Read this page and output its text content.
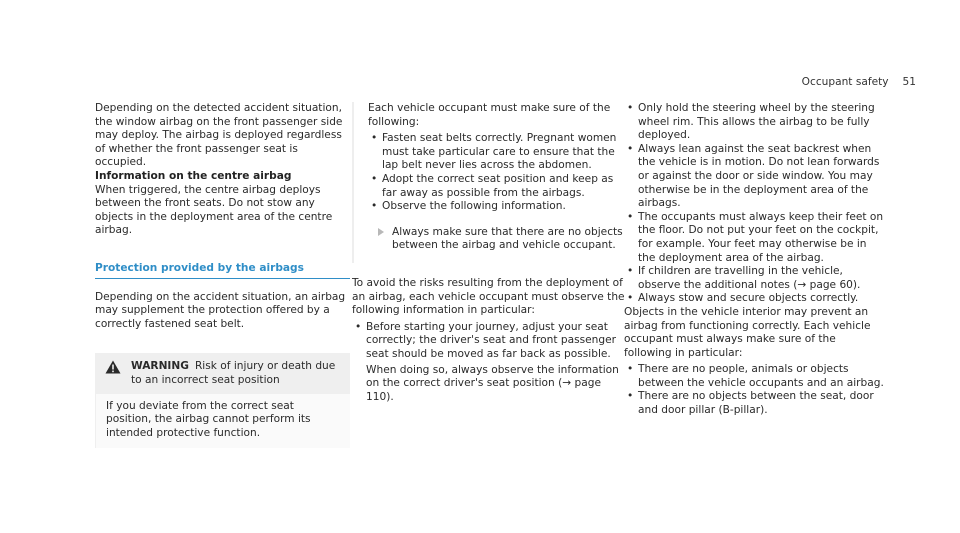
Occupant safety 51

Depending on the detected accident situation, the window airbag on the front passenger side may deploy. The airbag is deployed regardless of whether the front passenger seat is occupied.

Information on the centre airbag

When triggered, the centre airbag deploys between the front seats. Do not stow any objects in the deployment area of the centre airbag.

Protection provided by the airbags

Depending on the accident situation, an airbag may supplement the protection offered by a correctly fastened seat belt.

WARNING Risk of injury or death due to an incorrect seat position
If you deviate from the correct seat position, the airbag cannot perform its intended protective function.

Each vehicle occupant must make sure of the following:

• Fasten seat belts correctly. Pregnant women must take particular care to ensure that the lap belt never lies across the abdomen.
• Adopt the correct seat position and keep as far away as possible from the airbags.
• Observe the following information.
Always make sure that there are no objects between the airbag and vehicle occupant.

To avoid the risks resulting from the deployment of an airbag, each vehicle occupant must observe the following information in particular:

• Before starting your journey, adjust your seat correctly; the driver's seat and front passenger seat should be moved as far back as possible.

When doing so, always observe the information on the correct driver's seat position (→ page 110).

• Only hold the steering wheel by the steering wheel rim. This allows the airbag to be fully deployed.
• Always lean against the seat backrest when the vehicle is in motion. Do not lean forwards or against the door or side window. You may otherwise be in the deployment area of the airbags.
• The occupants must always keep their feet on the floor. Do not put your feet on the cockpit, for example. Your feet may otherwise be in the deployment area of the airbag.
• If children are travelling in the vehicle, observe the additional notes (→ page 60).
• Always stow and secure objects correctly.

Objects in the vehicle interior may prevent an airbag from functioning correctly. Each vehicle occupant must always make sure of the following in particular:

• There are no people, animals or objects between the vehicle occupants and an airbag.
• There are no objects between the seat, door and door pillar (B-pillar).
